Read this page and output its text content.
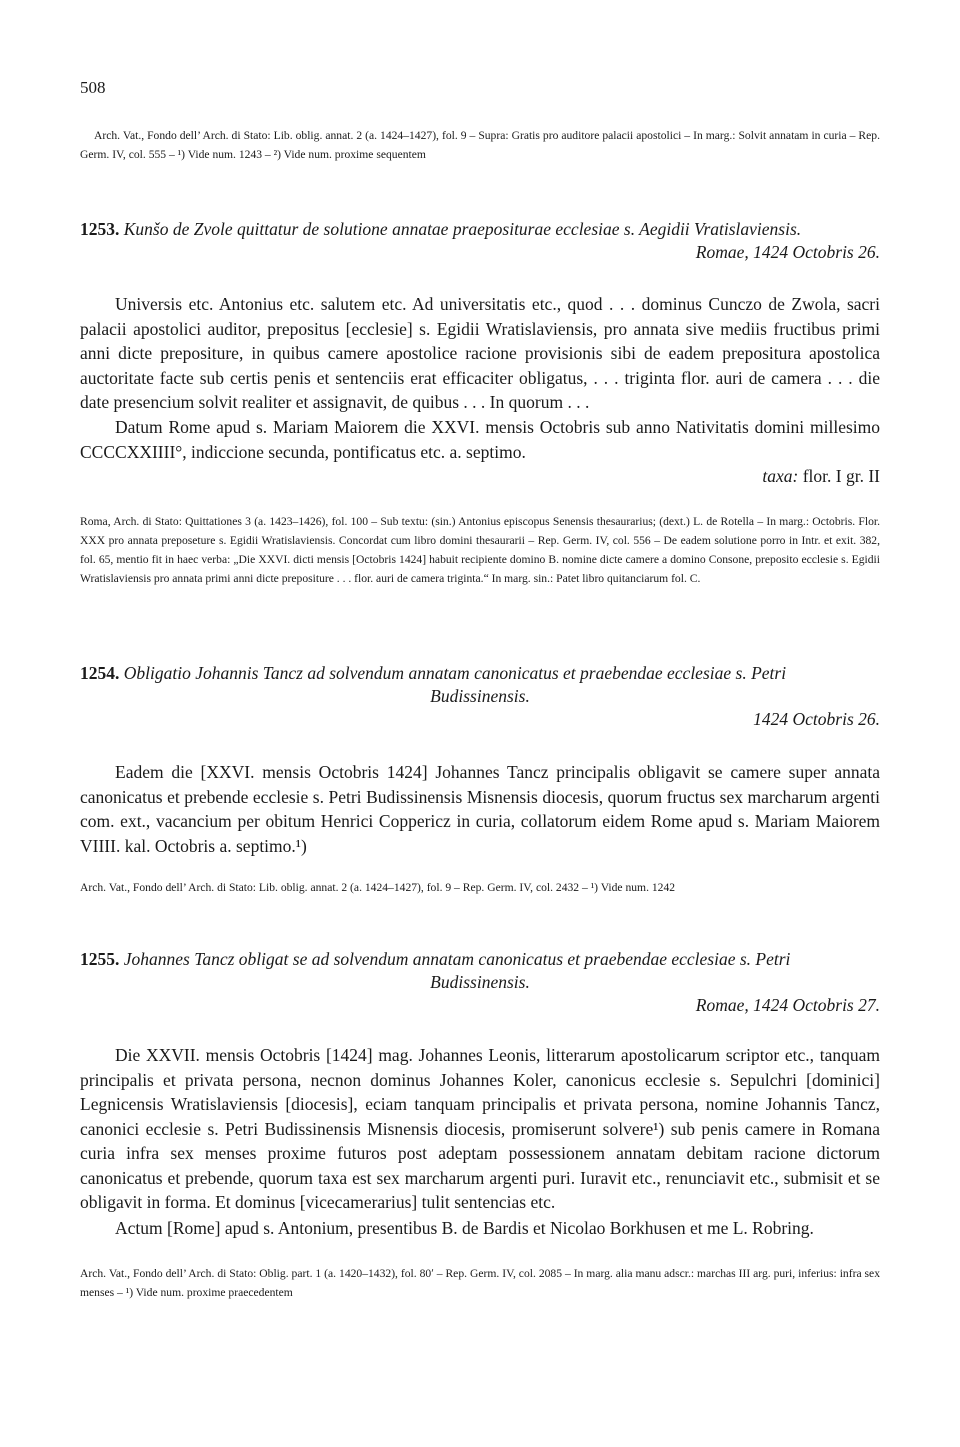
508

Arch. Vat., Fondo dell’ Arch. di Stato: Lib. oblig. annat. 2 (a. 1424–1427), fol. 9 – Supra: Gratis pro auditore palacii apostolici – In marg.: Solvit annatam in curia – Rep. Germ. IV, col. 555 – ¹) Vide num. 1243 – ²) Vide num. proxime sequentem

1253. Kunšo de Zvole quittatur de solutione annatae praepositurae ecclesiae s. Aegidii Vratislaviensis.

Romae, 1424 Octobris 26.

Universis etc. Antonius etc. salutem etc. Ad universitatis etc., quod . . . dominus Cunczo de Zwola, sacri palacii apostolici auditor, prepositus [ecclesie] s. Egidii Wratislaviensis, pro annata sive mediis fructibus primi anni dicte prepositure, in quibus camere apostolice racione provisionis sibi de eadem prepositura apostolica auctoritate facte sub certis penis et sentenciis erat efficaciter obligatus, . . . triginta flor. auri de camera . . . die date presencium solvit realiter et assignavit, de quibus . . . In quorum . . .

Datum Rome apud s. Mariam Maiorem die XXVI. mensis Octobris sub anno Nativitatis domini millesimo CCCCXXIIII°, indiccione secunda, pontificatus etc. a. septimo.

taxa: flor. I gr. II

Roma, Arch. di Stato: Quittationes 3 (a. 1423–1426), fol. 100 – Sub textu: (sin.) Antonius episcopus Senensis thesaurarius; (dext.) L. de Rotella – In marg.: Octobris. Flor. XXX pro annata preposeture s. Egidii Wratislaviensis. Concordat cum libro domini thesaurarii – Rep. Germ. IV, col. 556 – De eadem solutione porro in Intr. et exit. 382, fol. 65, mentio fit in haec verba: „Die XXVI. dicti mensis [Octobris 1424] habuit recipiente domino B. nomine dicte camere a domino Consone, preposito ecclesie s. Egidii Wratislaviensis pro annata primi anni dicte prepositure . . . flor. auri de camera triginta.“ In marg. sin.: Patet libro quitanciarum fol. C.

1254. Obligatio Johannis Tancz ad solvendum annatam canonicatus et praebendae ecclesiae s. Petri
Budissinensis.

1424 Octobris 26.

Eadem die [XXVI. mensis Octobris 1424] Johannes Tancz principalis obligavit se camere super annata canonicatus et prebende ecclesie s. Petri Budissinensis Misnensis diocesis, quorum fructus sex marcharum argenti com. ext., vacancium per obitum Henrici Coppericz in curia, collatorum eidem Rome apud s. Mariam Maiorem VIIII. kal. Octobris a. septimo.¹)

Arch. Vat., Fondo dell’ Arch. di Stato: Lib. oblig. annat. 2 (a. 1424–1427), fol. 9 – Rep. Germ. IV, col. 2432 – ¹) Vide num. 1242

1255. Johannes Tancz obligat se ad solvendum annatam canonicatus et praebendae ecclesiae s. Petri
Budissinensis.

Romae, 1424 Octobris 27.

Die XXVII. mensis Octobris [1424] mag. Johannes Leonis, litterarum apostolicarum scriptor etc., tanquam principalis et privata persona, necnon dominus Johannes Koler, canonicus ecclesie s. Sepulchri [dominici] Legnicensis Wratislaviensis [diocesis], eciam tanquam principalis et privata persona, nomine Johannis Tancz, canonici ecclesie s. Petri Budissinensis Misnensis diocesis, promiserunt solvere¹) sub penis camere in Romana curia infra sex menses proxime futuros post adeptam possessionem annatam debitam racione dictorum canonicatus et prebende, quorum taxa est sex marcharum argenti puri. Iuravit etc., renunciavit etc., submisit et se obligavit in forma. Et dominus [vicecamerarius] tulit sentencias etc.

Actum [Rome] apud s. Antonium, presentibus B. de Bardis et Nicolao Borkhusen et me L. Robring.

Arch. Vat., Fondo dell’ Arch. di Stato: Oblig. part. 1 (a. 1420–1432), fol. 80ʹ – Rep. Germ. IV, col. 2085 – In marg. alia manu adscr.: marchas III arg. puri, inferius: infra sex menses – ¹) Vide num. proxime praecedentem
